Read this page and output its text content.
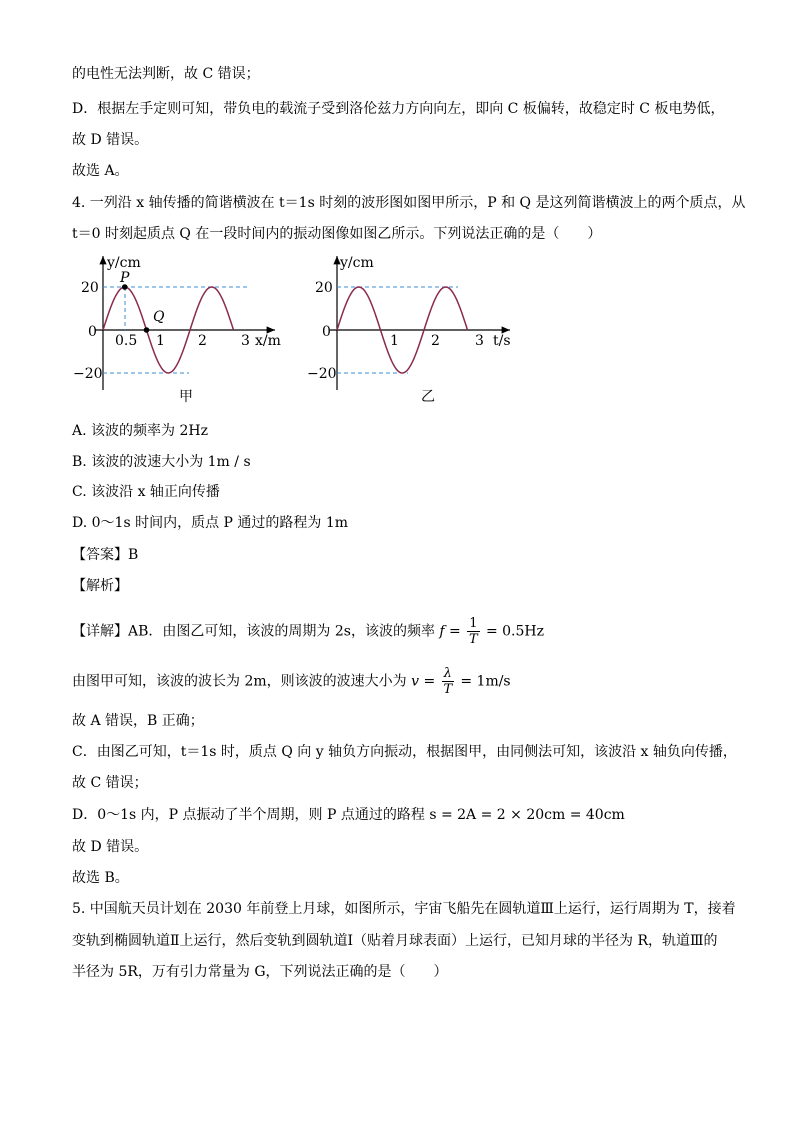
的电性无法判断，故 C 错误；
D．根据左手定则可知，带负电的载流子受到洛伦兹力方向向左，即向 C 板偏转，故稳定时 C 板电势低，
故 D 错误。
故选 A。
4. 一列沿 x 轴传播的简谐横波在 t＝1s 时刻的波形图如图甲所示，P 和 Q 是这列简谐横波上的两个质点，从
t＝0 时刻起质点 Q 在一段时间内的振动图像如图乙所示。下列说法正确的是（　　）
y/cm
x/m
20
0
−20
0.5 1 2 3
P
Q
甲
y/cm
t/s
20
0
−20
1 2	3
乙
A. 该波的频率为 2Hz
B. 该波的波速大小为 1m / s
C. 该波沿 x 轴正向传播
D. 0～1s 时间内，质点 P 通过的路程为 1m
【答案】B
【解析】
【详解】AB．由图乙可知，该波的周期为 2s，该波的频率 $f = \frac{1}{T} = 0.5Hz$
由图甲可知，该波的波长为 2m，则该波的波速大小为 $v = \frac{\lambda}{T} = 1m/s$
故 A 错误，B 正确；
C．由图乙可知，t＝1s 时，质点 Q 向 y 轴负方向振动，根据图甲，由同侧法可知，该波沿 x 轴负向传播，
故 C 错误；
D．0～1s 内，P 点振动了半个周期，则 P 点通过的路程 s = 2A = 2 × 20cm = 40cm
故 D 错误。
故选 B。
5. 中国航天员计划在 2030 年前登上月球，如图所示，宇宙飞船先在圆轨道Ⅲ上运行，运行周期为 T，接着
变轨到椭圆轨道Ⅱ上运行，然后变轨到圆轨道Ⅰ（贴着月球表面）上运行，已知月球的半径为 R，轨道Ⅲ的
半径为 5R，万有引力常量为 G，下列说法正确的是（　　）
